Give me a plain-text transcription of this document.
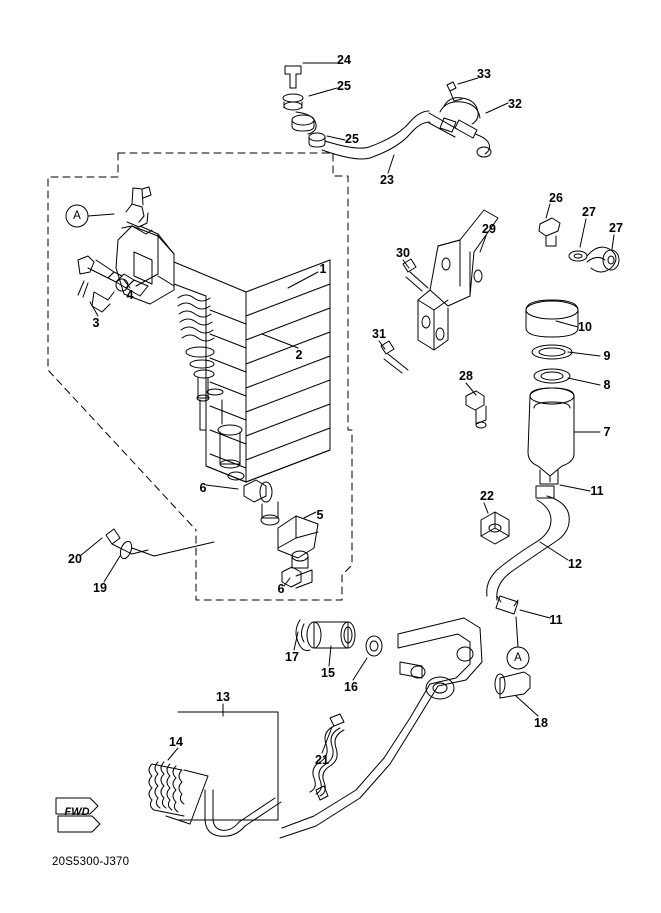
FWD
20S5300-J370
24
33
25
32
25
23
26
27
27
29
30
1
4
3	10
31
9
2
8
28
7
6	11
22
5
12
20
19	6
11
17
15
16
18
13
21
14
A
A
